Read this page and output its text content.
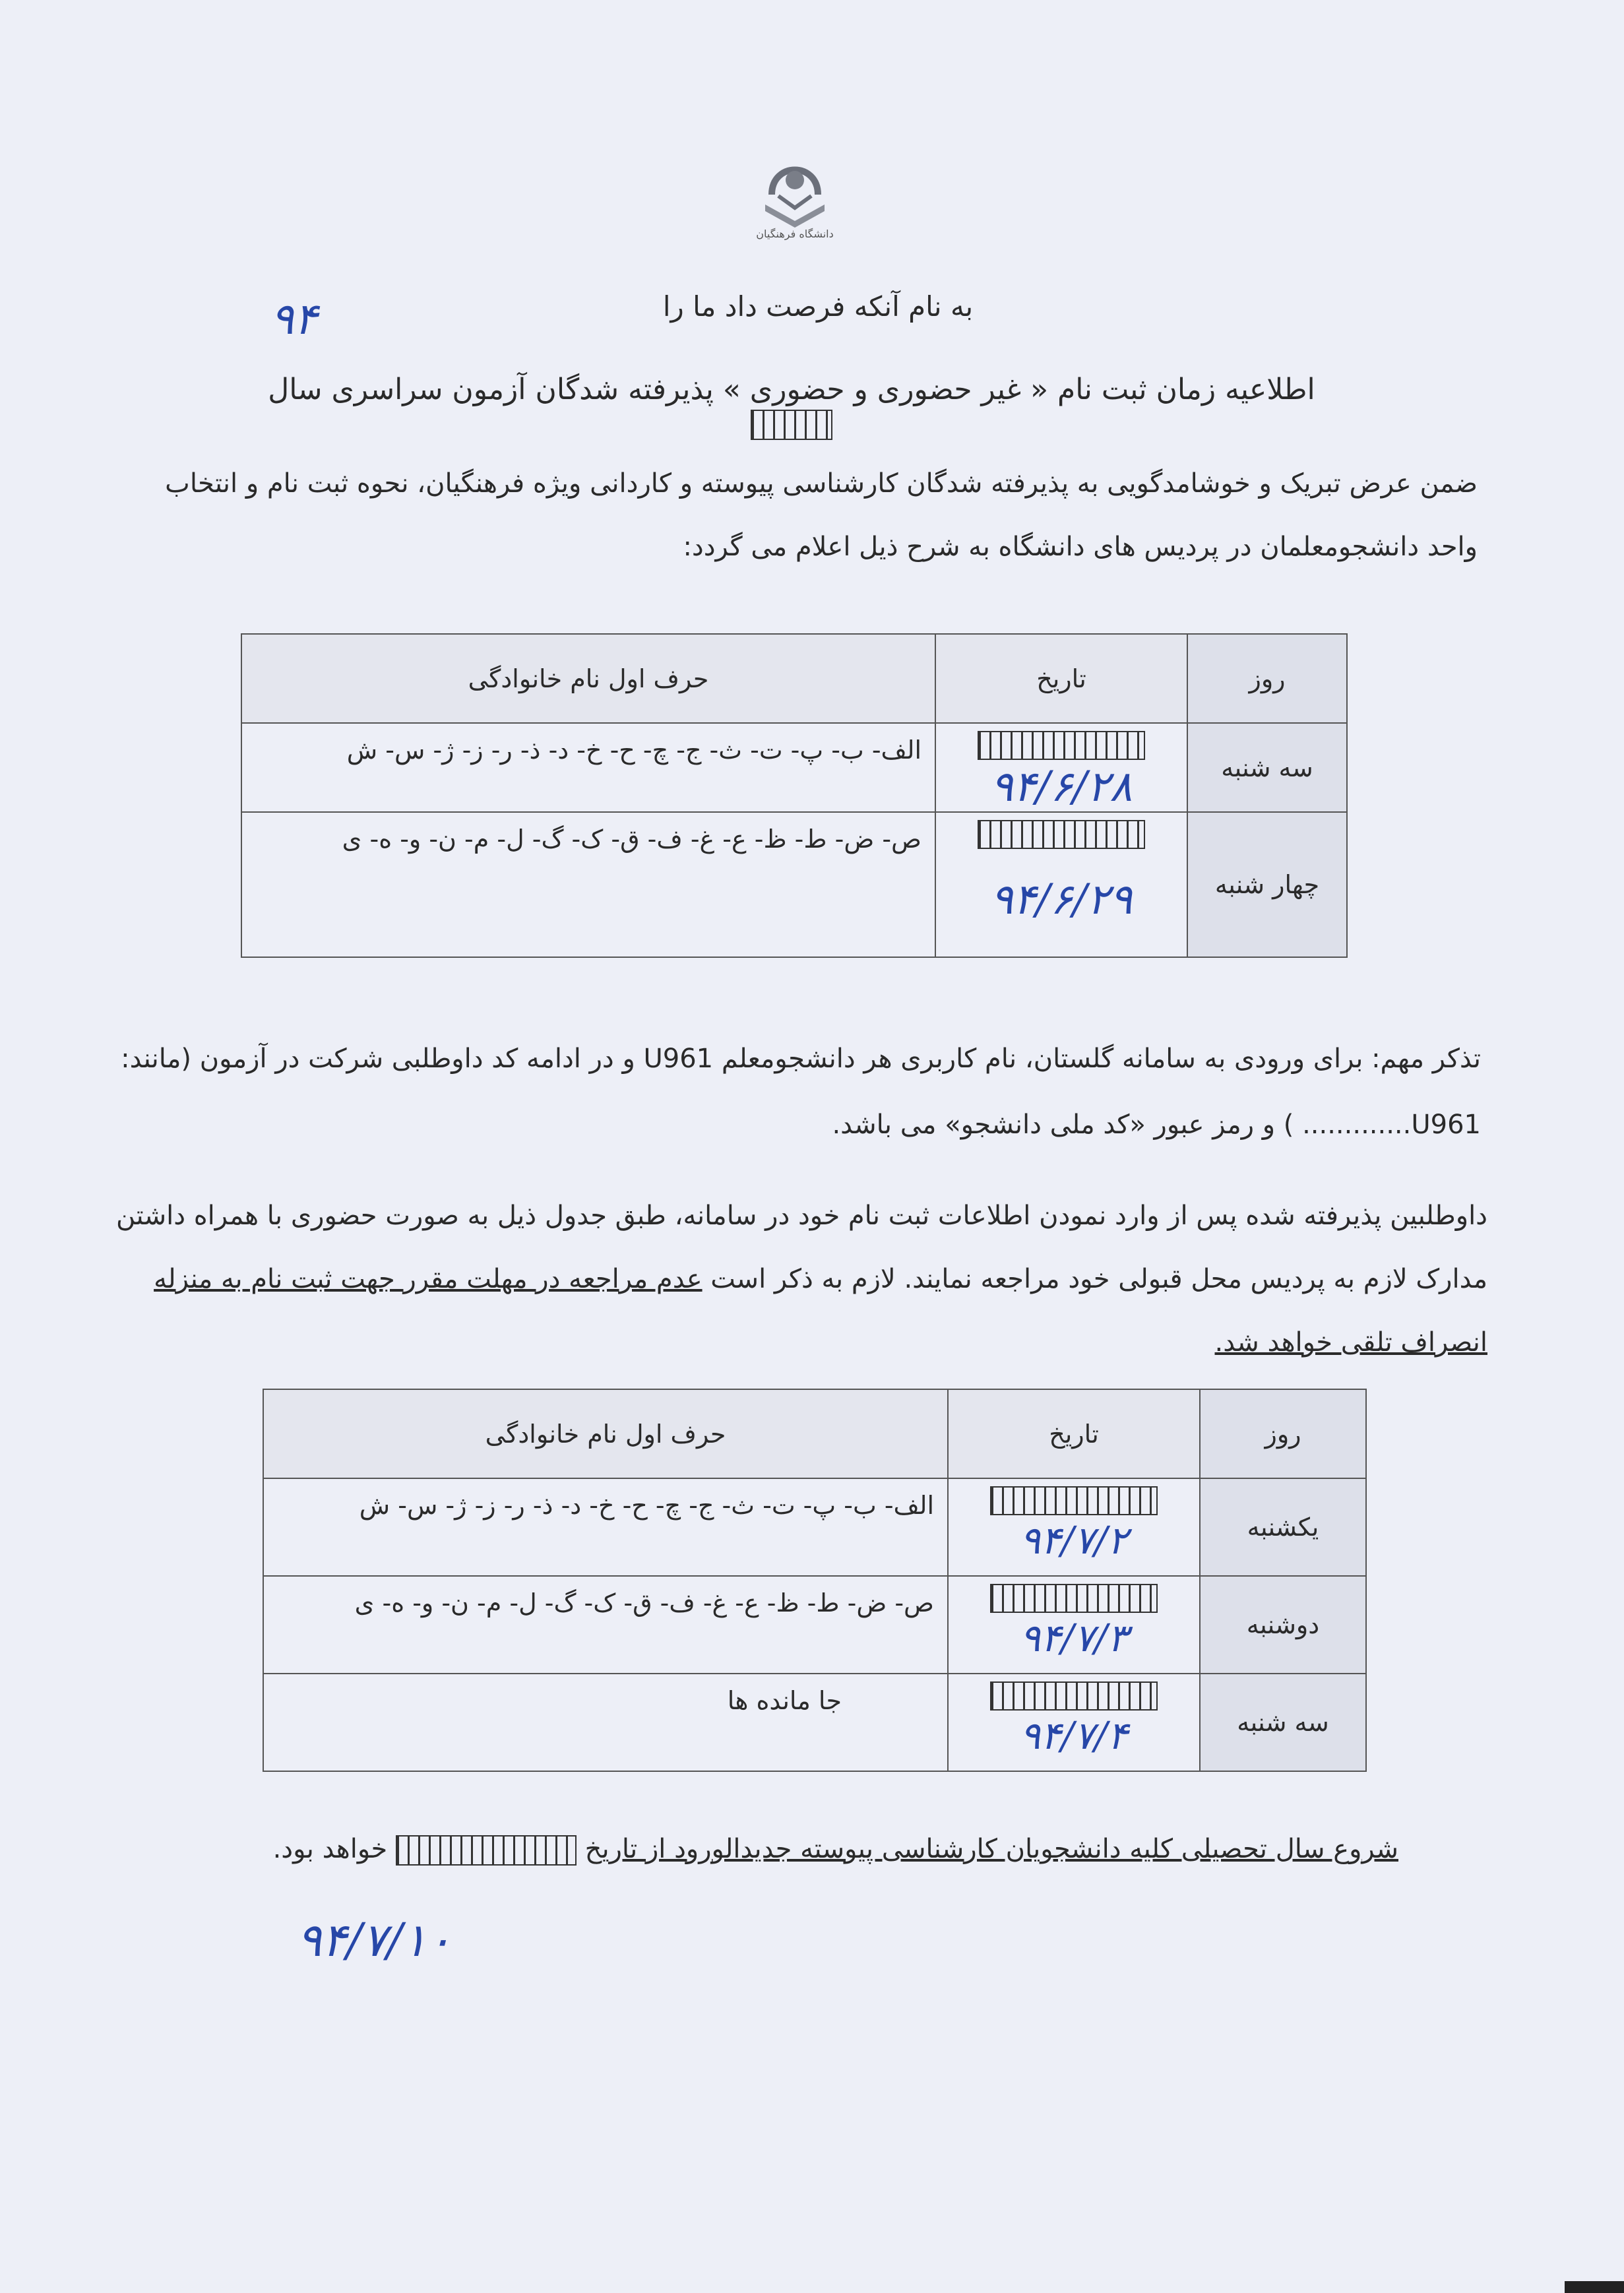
دانشگاه فرهنگیان
به نام آنکه فرصت داد ما را
۹۴
اطلاعیه زمان ثبت نام « غیر حضوری و حضوری » پذیرفته شدگان آزمون سراسری سال
ضمن عرض تبریک و خوشامدگویی به پذیرفته شدگان کارشناسی پیوسته و کاردانی ویژه فرهنگیان، نحوه ثبت نام و انتخاب واحد دانشجومعلمان در پردیس های دانشگاه به شرح ذیل اعلام می گردد:
روز	تاریخ	حرف اول نام خانوادگی
سه شنبه	۹۴/۶/۲۸	الف- ب- پ- ت- ث- ج- چ- ح- خ- د- ذ- ر- ز- ژ- س- ش
چهار شنبه	۹۴/۶/۲۹	ص- ض- ط- ظ- ع- غ- ف- ق- ک- گ- ل- م- ن- و- ه- ی
تذکر مهم: برای ورودی به سامانه گلستان، نام کاربری هر دانشجومعلم U961 و در ادامه کد داوطلبی شرکت در آزمون (مانند: U961............. ) و رمز عبور «کد ملی دانشجو» می باشد.
داوطلبین پذیرفته شده پس از وارد نمودن اطلاعات ثبت نام خود در سامانه، طبق جدول ذیل به صورت حضوری با همراه داشتن مدارک لازم به پردیس محل قبولی خود مراجعه نمایند. لازم به ذکر است عدم مراجعه در مهلت مقرر جهت ثبت نام به منزله انصراف تلقی خواهد شد.
روز	تاریخ	حرف اول نام خانوادگی
یکشنبه	۹۴/۷/۲	الف- ب- پ- ت- ث- ج- چ- ح- خ- د- ذ- ر- ز- ژ- س- ش
دوشنبه	۹۴/۷/۳	ص- ض- ط- ظ- ع- غ- ف- ق- ک- گ- ل- م- ن- و- ه- ی
سه شنبه	۹۴/۷/۴	جا مانده ها
شروع سال تحصیلی کلیه دانشجویان کارشناسی پیوسته جدیدالورود از تاریخ  خواهد بود.
۹۴/۷/۱۰
